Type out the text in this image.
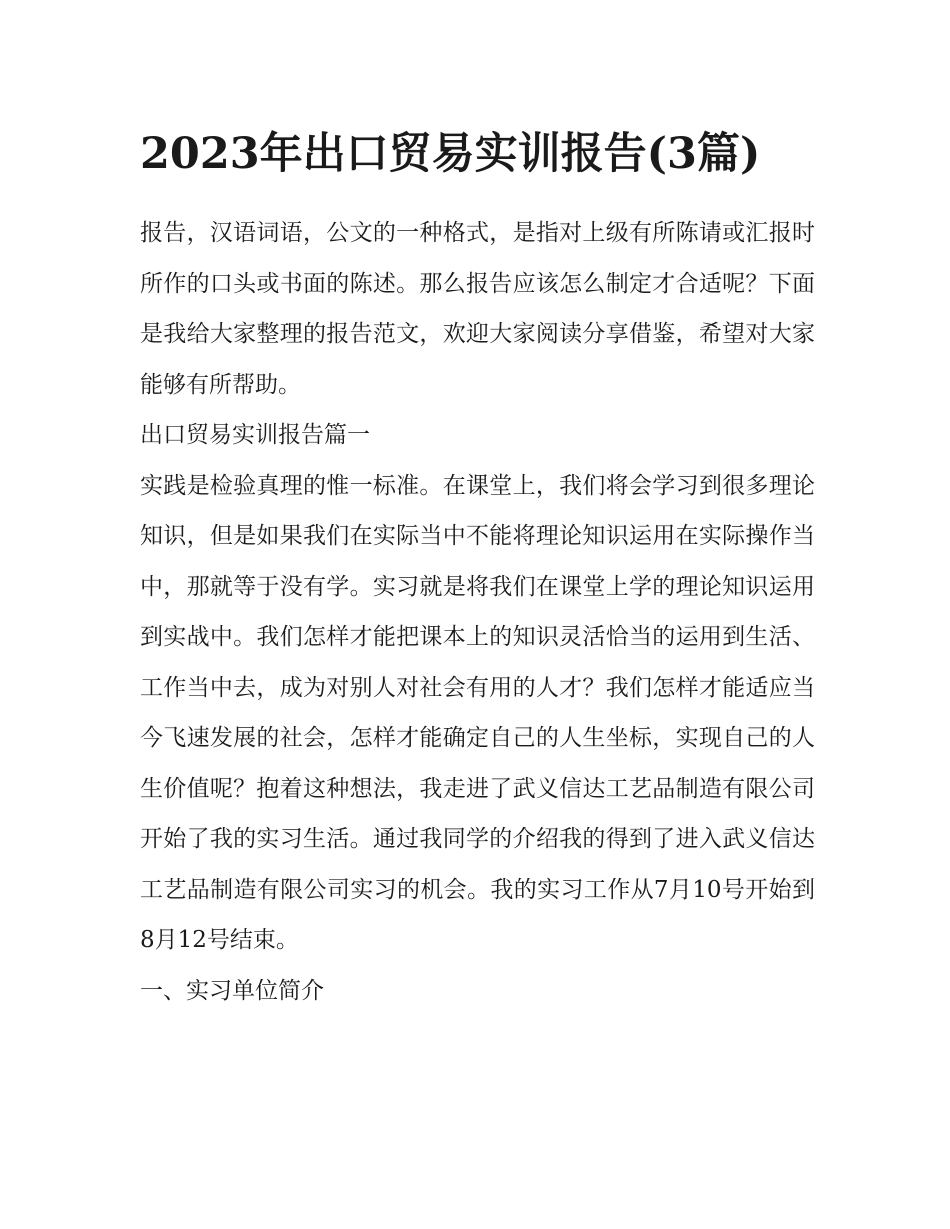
2023年出口贸易实训报告(3篇)

报告，汉语词语，公文的一种格式，是指对上级有所陈请或汇报时所作的口头或书面的陈述。那么报告应该怎么制定才合适呢？下面是我给大家整理的报告范文，欢迎大家阅读分享借鉴，希望对大家能够有所帮助。

出口贸易实训报告篇一

实践是检验真理的惟一标准。在课堂上，我们将会学习到很多理论知识，但是如果我们在实际当中不能将理论知识运用在实际操作当中，那就等于没有学。实习就是将我们在课堂上学的理论知识运用到实战中。我们怎样才能把课本上的知识灵活恰当的运用到生活、工作当中去，成为对别人对社会有用的人才？我们怎样才能适应当今飞速发展的社会，怎样才能确定自己的人生坐标，实现自己的人生价值呢？抱着这种想法，我走进了武义信达工艺品制造有限公司开始了我的实习生活。通过我同学的介绍我的得到了进入武义信达工艺品制造有限公司实习的机会。我的实习工作从7月10号开始到8月12号结束。

一、实习单位简介
